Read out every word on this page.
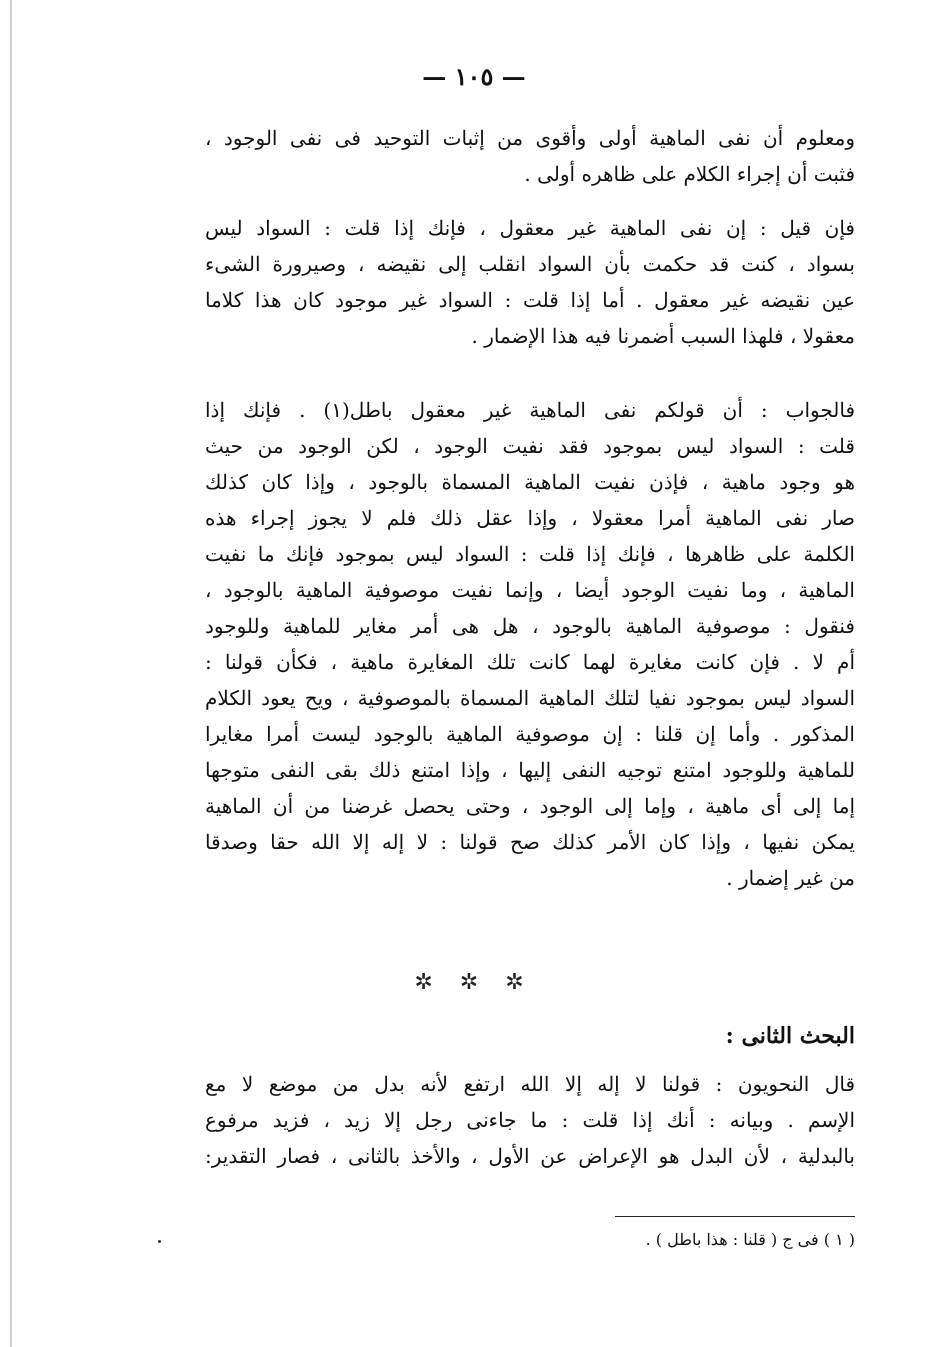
— ١٠٥ —
ومعلوم أن نفى الماهية أولى وأقوى من إثبات التوحيد فى نفى الوجود ،
فثبت أن إجراء الكلام على ظاهره أولى .
فإن قيل : إن نفى الماهية غير معقول ، فإنك إذا قلت : السواد ليس
بسواد ، كنت قد حكمت بأن السواد انقلب إلى نقيضه ، وصيرورة الشىء
عين نقيضه غير معقول . أما إذا قلت : السواد غير موجود كان هذا كلاما
معقولا ، فلهذا السبب أضمرنا فيه هذا الإضمار .
فالجواب : أن قولكم نفى الماهية غير معقول باطل(١) . فإنك إذا
قلت : السواد ليس بموجود فقد نفيت الوجود ، لكن الوجود من حيث
هو وجود ماهية ، فإذن نفيت الماهية المسماة بالوجود ، وإذا كان كذلك
صار نفى الماهية أمرا معقولا ، وإذا عقل ذلك فلم لا يجوز إجراء هذه
الكلمة على ظاهرها ، فإنك إذا قلت : السواد ليس بموجود فإنك ما نفيت
الماهية ، وما نفيت الوجود أيضا ، وإنما نفيت موصوفية الماهية بالوجود ،
فنقول : موصوفية الماهية بالوجود ، هل هى أمر مغاير للماهية وللوجود
أم لا . فإن كانت مغايرة لهما كانت تلك المغايرة ماهية ، فكأن قولنا :
السواد ليس بموجود نفيا لتلك الماهية المسماة بالموصوفية ، ويح يعود الكلام
المذكور . وأما إن قلنا : إن موصوفية الماهية بالوجود ليست أمرا مغايرا
للماهية وللوجود امتنع توجيه النفى إليها ، وإذا امتنع ذلك بقى النفى متوجها
إما إلى أى ماهية ، وإما إلى الوجود ، وحتى يحصل غرضنا من أن الماهية
يمكن نفيها ، وإذا كان الأمر كذلك صح قولنا : لا إله إلا الله حقا وصدقا
من غير إضمار .
✲ ✲ ✲
البحث الثانى :
قال النحويون : قولنا لا إله إلا الله ارتفع لأنه بدل من موضع لا مع
الإسم . وبيانه : أنك إذا قلت : ما جاءنى رجل إلا زيد ، فزيد مرفوع
بالبدلية ، لأن البدل هو الإعراض عن الأول ، والأخذ بالثانى ، فصار التقدير:
( ١ ) فى ج ( قلنا : هذا باطل ) .
